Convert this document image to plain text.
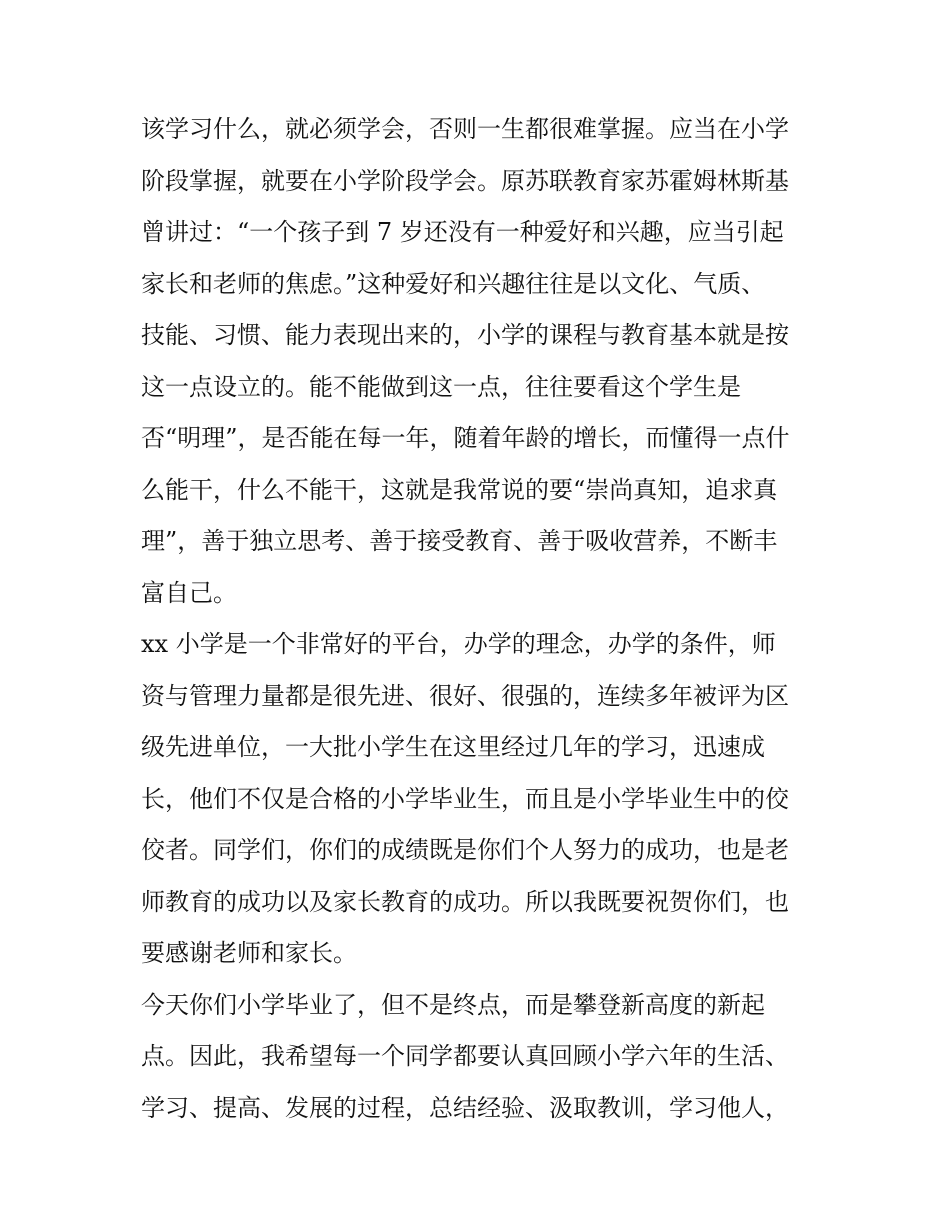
该学习什么，就必须学会，否则一生都很难掌握。应当在小学
阶段掌握，就要在小学阶段学会。原苏联教育家苏霍姆林斯基
曾讲过：“一个孩子到 7 岁还没有一种爱好和兴趣，应当引起
家长和老师的焦虑。”这种爱好和兴趣往往是以文化、气质、
技能、习惯、能力表现出来的，小学的课程与教育基本就是按
这一点设立的。能不能做到这一点，往往要看这个学生是
否“明理”，是否能在每一年，随着年龄的增长，而懂得一点什
么能干，什么不能干，这就是我常说的要“崇尚真知，追求真
理”，善于独立思考、善于接受教育、善于吸收营养，不断丰
富自己。
xx 小学是一个非常好的平台，办学的理念，办学的条件，师
资与管理力量都是很先进、很好、很强的，连续多年被评为区
级先进单位，一大批小学生在这里经过几年的学习，迅速成
长，他们不仅是合格的小学毕业生，而且是小学毕业生中的佼
佼者。同学们，你们的成绩既是你们个人努力的成功，也是老
师教育的成功以及家长教育的成功。所以我既要祝贺你们，也
要感谢老师和家长。
今天你们小学毕业了，但不是终点，而是攀登新高度的新起
点。因此，我希望每一个同学都要认真回顾小学六年的生活、
学习、提高、发展的过程，总结经验、汲取教训，学习他人，
